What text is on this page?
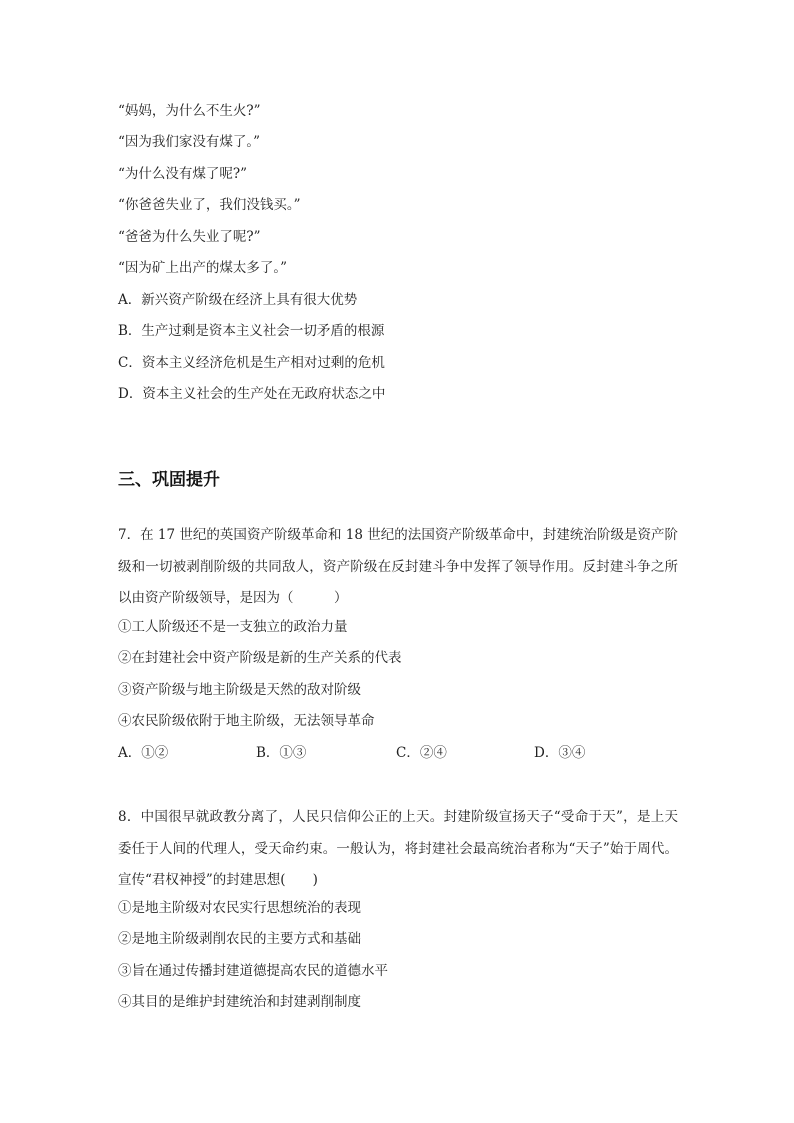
“妈妈，为什么不生火?”
“因为我们家没有煤了。”
“为什么没有煤了呢?”
“你爸爸失业了，我们没钱买。”
“爸爸为什么失业了呢?”
“因为矿上出产的煤太多了。”
A．新兴资产阶级在经济上具有很大优势
B．生产过剩是资本主义社会一切矛盾的根源
C．资本主义经济危机是生产相对过剩的危机
D．资本主义社会的生产处在无政府状态之中
三、巩固提升
7．在 17 世纪的英国资产阶级革命和 18 世纪的法国资产阶级革命中，封建统治阶级是资产阶级和一切被剥削阶级的共同敌人，资产阶级在反封建斗争中发挥了领导作用。反封建斗争之所以由资产阶级领导，是因为（　　　）
①工人阶级还不是一支独立的政治力量
②在封建社会中资产阶级是新的生产关系的代表
③资产阶级与地主阶级是天然的敌对阶级
④农民阶级依附于地主阶级，无法领导革命
A．①②	B．①③	C．②④	D．③④
8．中国很早就政教分离了，人民只信仰公正的上天。封建阶级宣扬天子“受命于天”，是上天委任于人间的代理人，受天命约束。一般认为，将封建社会最高统治者称为“天子”始于周代。宣传“君权神授”的封建思想(　　)
①是地主阶级对农民实行思想统治的表现
②是地主阶级剥削农民的主要方式和基础
③旨在通过传播封建道德提高农民的道德水平
④其目的是维护封建统治和封建剥削制度
